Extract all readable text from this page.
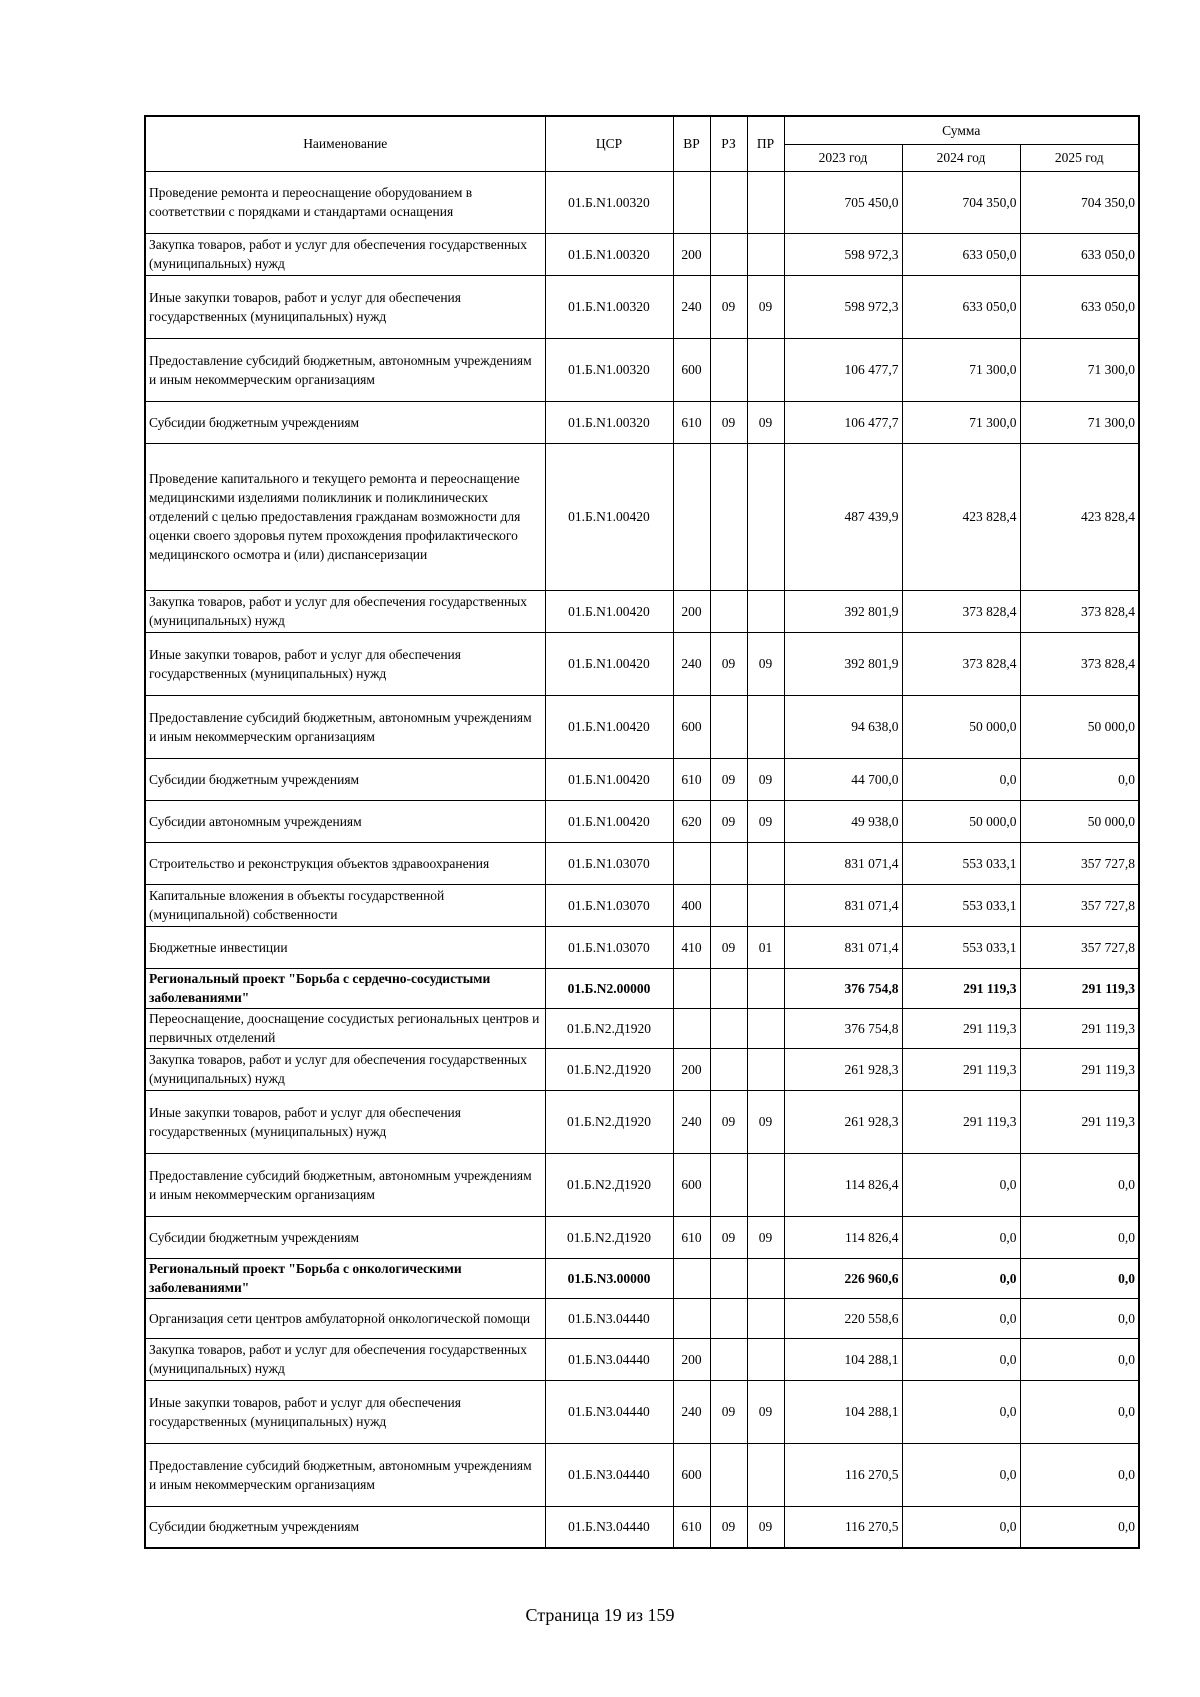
Наименование	ЦСР	ВР	РЗ	ПР	Сумма		
					2023 год	2024 год	2025 год
Проведение ремонта и переоснащение оборудованием в соответствии с порядками и стандартами оснащения	01.Б.N1.00320				705 450,0	704 350,0	704 350,0
Закупка товаров, работ и услуг для обеспечения государственных (муниципальных) нужд	01.Б.N1.00320	200			598 972,3	633 050,0	633 050,0
Иные закупки товаров, работ и услуг для обеспечения государственных (муниципальных) нужд	01.Б.N1.00320	240	09	09	598 972,3	633 050,0	633 050,0
Предоставление субсидий бюджетным, автономным учреждениям и иным некоммерческим организациям	01.Б.N1.00320	600			106 477,7	71 300,0	71 300,0
Субсидии бюджетным учреждениям	01.Б.N1.00320	610	09	09	106 477,7	71 300,0	71 300,0
Проведение капитального и текущего ремонта и переоснащение медицинскими изделиями поликлиник и поликлинических отделений с целью предоставления гражданам возможности для оценки своего здоровья путем прохождения профилактического медицинского осмотра и (или) диспансеризации	01.Б.N1.00420				487 439,9	423 828,4	423 828,4
Закупка товаров, работ и услуг для обеспечения государственных (муниципальных) нужд	01.Б.N1.00420	200			392 801,9	373 828,4	373 828,4
Иные закупки товаров, работ и услуг для обеспечения государственных (муниципальных) нужд	01.Б.N1.00420	240	09	09	392 801,9	373 828,4	373 828,4
Предоставление субсидий бюджетным, автономным учреждениям и иным некоммерческим организациям	01.Б.N1.00420	600			94 638,0	50 000,0	50 000,0
Субсидии бюджетным учреждениям	01.Б.N1.00420	610	09	09	44 700,0	0,0	0,0
Субсидии автономным учреждениям	01.Б.N1.00420	620	09	09	49 938,0	50 000,0	50 000,0
Строительство и реконструкция объектов здравоохранения	01.Б.N1.03070				831 071,4	553 033,1	357 727,8
Капитальные вложения в объекты государственной (муниципальной) собственности	01.Б.N1.03070	400			831 071,4	553 033,1	357 727,8
Бюджетные инвестиции	01.Б.N1.03070	410	09	01	831 071,4	553 033,1	357 727,8
Региональный проект "Борьба с сердечно-сосудистыми заболеваниями"	01.Б.N2.00000				376 754,8	291 119,3	291 119,3
Переоснащение, дооснащение сосудистых региональных центров и первичных отделений	01.Б.N2.Д1920				376 754,8	291 119,3	291 119,3
Закупка товаров, работ и услуг для обеспечения государственных (муниципальных) нужд	01.Б.N2.Д1920	200			261 928,3	291 119,3	291 119,3
Иные закупки товаров, работ и услуг для обеспечения государственных (муниципальных) нужд	01.Б.N2.Д1920	240	09	09	261 928,3	291 119,3	291 119,3
Предоставление субсидий бюджетным, автономным учреждениям и иным некоммерческим организациям	01.Б.N2.Д1920	600			114 826,4	0,0	0,0
Субсидии бюджетным учреждениям	01.Б.N2.Д1920	610	09	09	114 826,4	0,0	0,0
Региональный проект "Борьба с онкологическими заболеваниями"	01.Б.N3.00000				226 960,6	0,0	0,0
Организация сети центров амбулаторной онкологической помощи	01.Б.N3.04440				220 558,6	0,0	0,0
Закупка товаров, работ и услуг для обеспечения государственных (муниципальных) нужд	01.Б.N3.04440	200			104 288,1	0,0	0,0
Иные закупки товаров, работ и услуг для обеспечения государственных (муниципальных) нужд	01.Б.N3.04440	240	09	09	104 288,1	0,0	0,0
Предоставление субсидий бюджетным, автономным учреждениям и иным некоммерческим организациям	01.Б.N3.04440	600			116 270,5	0,0	0,0
Субсидии бюджетным учреждениям	01.Б.N3.04440	610	09	09	116 270,5	0,0	0,0
Страница 19 из 159
